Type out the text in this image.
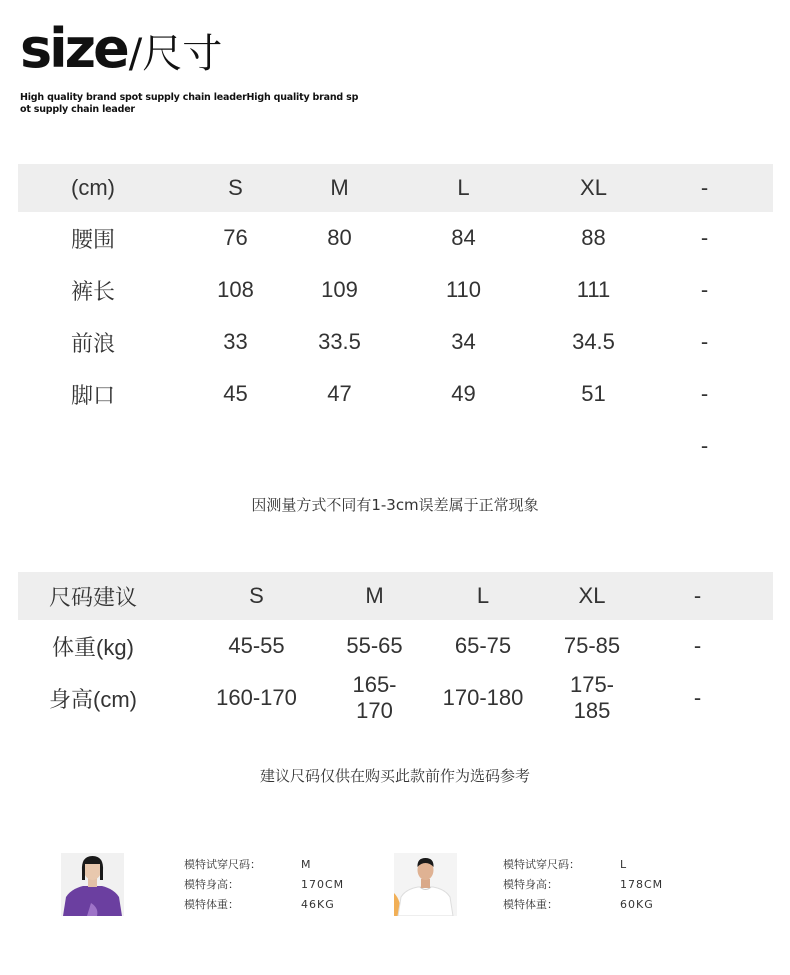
size /尺寸
High quality brand spot supply chain leaderHigh quality brand spot supply chain leader
(cm)	S	M	L	XL	-
腰围	76	80	84	88	-
裤长	108	109	110	111	-
前浪	33	33.5	34	34.5	-
脚口	45	47	49	51	-
					-
因测量方式不同有1-3cm误差属于正常现象
尺码建议	S	M	L	XL	-
体重(kg)	45-55	55-65	65-75	75-85	-
身高(cm)	160-170	165-170	170-180	175-185	-
建议尺码仅供在购买此款前作为选码参考
模特试穿尺码：	M
模特身高：	170CM
模特体重：	46KG
模特试穿尺码：	L
模特身高：	178CM
模特体重：	60KG
